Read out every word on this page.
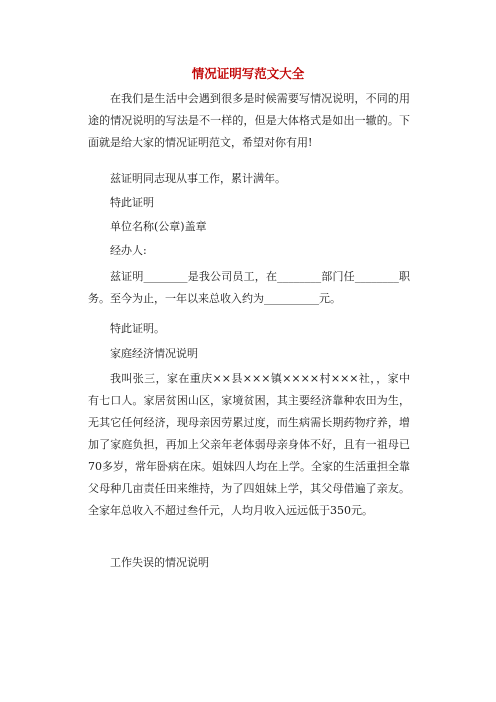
情况证明写范文大全
在我们是生活中会遇到很多是时候需要写情况说明，不同的用途的情况说明的写法是不一样的，但是大体格式是如出一辙的。下面就是给大家的情况证明范文，希望对你有用!
兹证明同志现从事工作，累计满年。
特此证明
单位名称(公章)盖章
经办人:
兹证明________是我公司员工，在________部门任________职务。至今为止，一年以来总收入约为__________元。
特此证明。
家庭经济情况说明
我叫张三，家在重庆××县×××镇××××村×××社，，家中有七口人。家居贫困山区，家境贫困，其主要经济靠种农田为生，无其它任何经济，现母亲因劳累过度，而生病需长期药物疗养，增加了家庭负担，再加上父亲年老体弱母亲身体不好，且有一祖母已70多岁，常年卧病在床。姐妹四人均在上学。全家的生活重担全靠父母种几亩责任田来维持，为了四姐妹上学，其父母借遍了亲友。全家年总收入不超过叁仟元，人均月收入远远低于350元。
工作失误的情况说明
